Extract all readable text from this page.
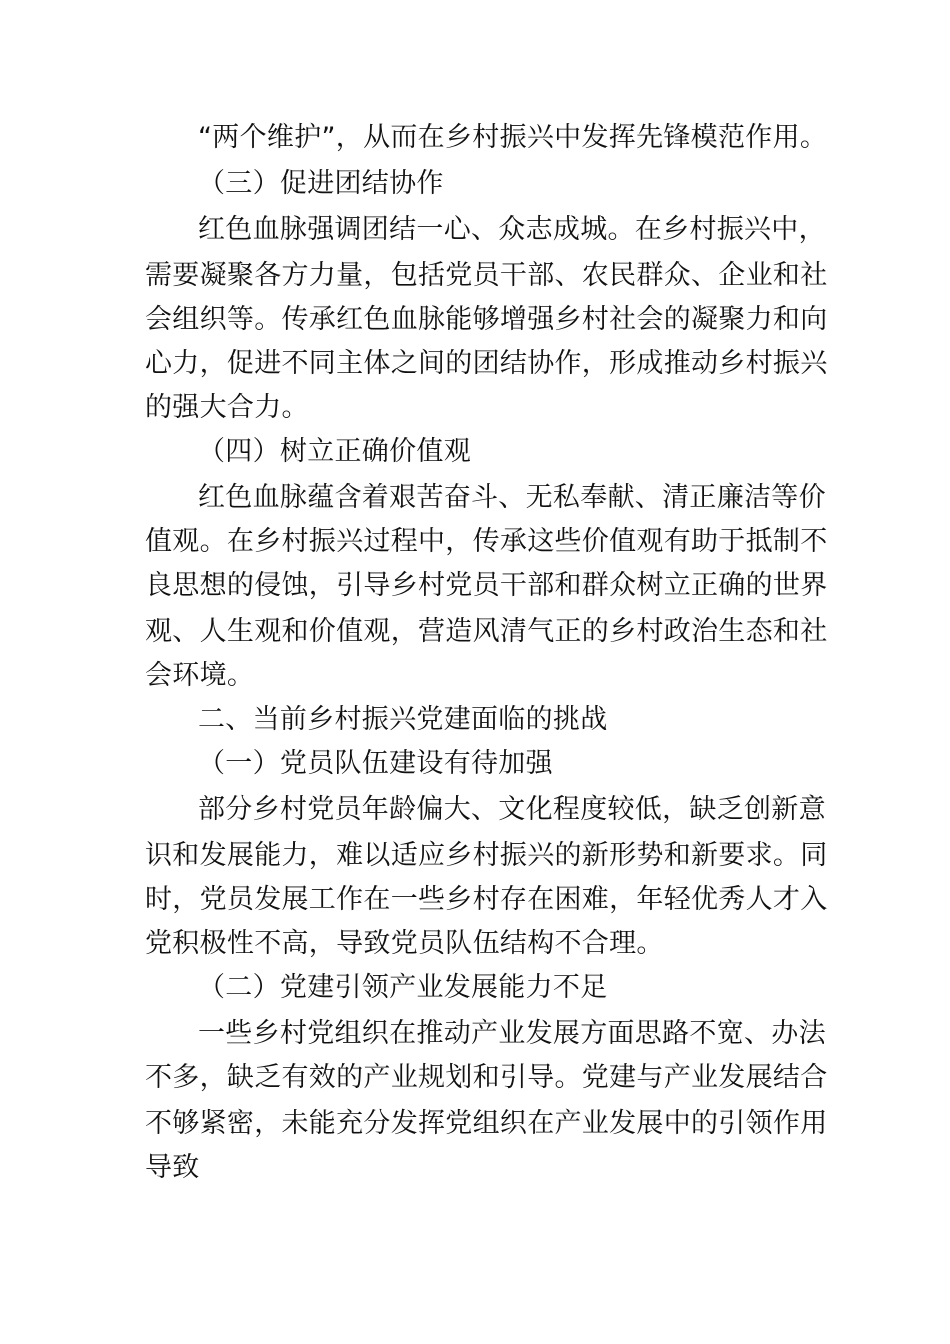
“两个维护”，从而在乡村振兴中发挥先锋模范作用。
（三）促进团结协作
红色血脉强调团结一心、众志成城。在乡村振兴中，
需要凝聚各方力量，包括党员干部、农民群众、企业和社
会组织等。传承红色血脉能够增强乡村社会的凝聚力和向
心力，促进不同主体之间的团结协作，形成推动乡村振兴
的强大合力。
（四）树立正确价值观
红色血脉蕴含着艰苦奋斗、无私奉献、清正廉洁等价
值观。在乡村振兴过程中，传承这些价值观有助于抵制不
良思想的侵蚀，引导乡村党员干部和群众树立正确的世界
观、人生观和价值观，营造风清气正的乡村政治生态和社
会环境。
二、当前乡村振兴党建面临的挑战
（一）党员队伍建设有待加强
部分乡村党员年龄偏大、文化程度较低，缺乏创新意
识和发展能力，难以适应乡村振兴的新形势和新要求。同
时，党员发展工作在一些乡村存在困难，年轻优秀人才入
党积极性不高，导致党员队伍结构不合理。
（二）党建引领产业发展能力不足
一些乡村党组织在推动产业发展方面思路不宽、办法
不多，缺乏有效的产业规划和引导。党建与产业发展结合
不够紧密，未能充分发挥党组织在产业发展中的引领作用
导致
